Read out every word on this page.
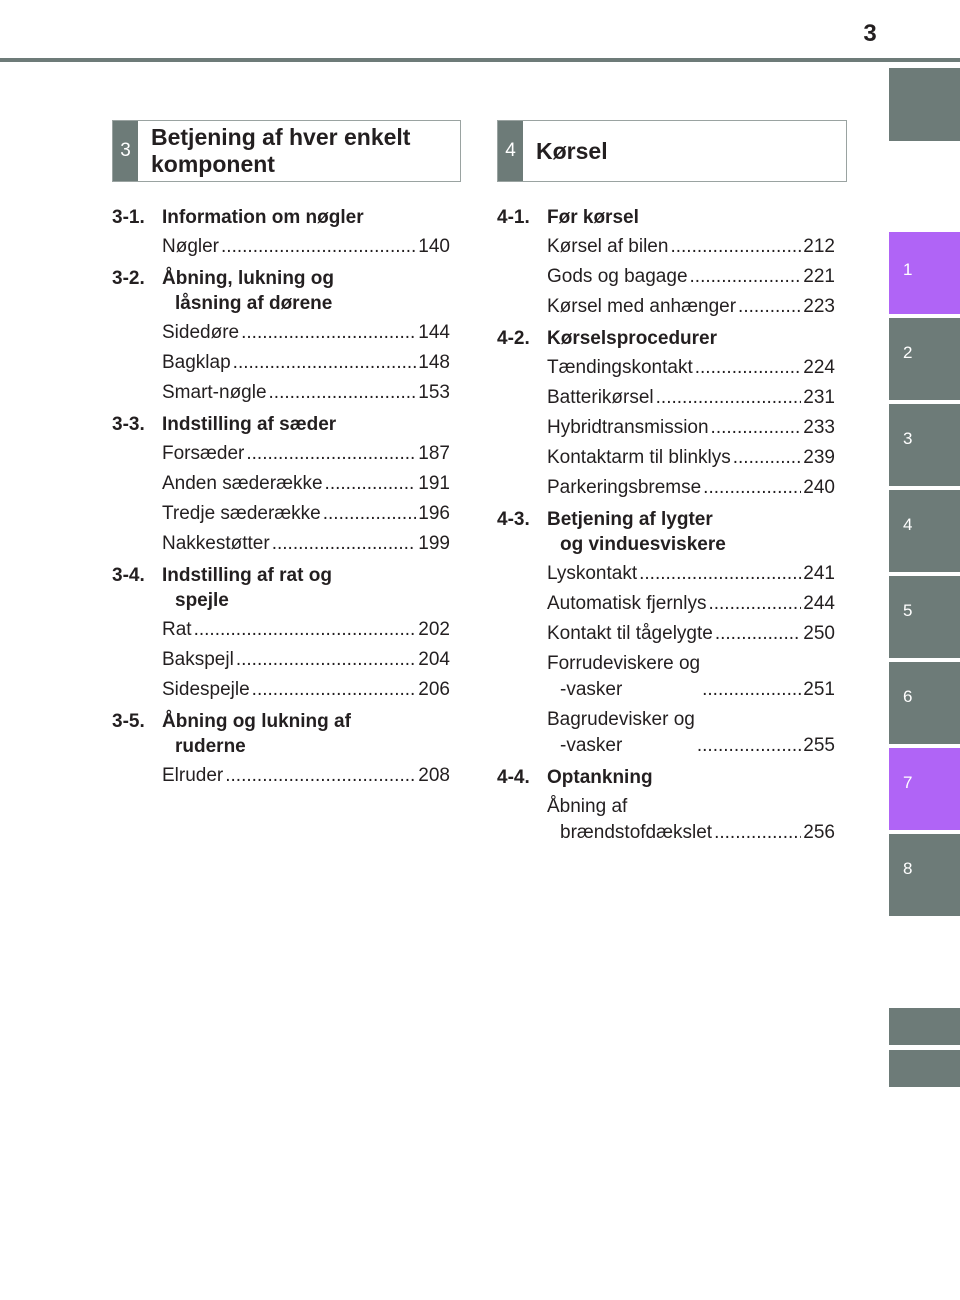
3
3
Betjening af hver enkelt
komponent
4 Kørsel
3-1. Information om nøgler
Nøgler .....	140
3-2. Åbning, lukning og
låsning af dørene
Sidedøre .....	144
Bagklap .....	148
Smart-nøgle .....	153
3-3. Indstilling af sæder
Forsæder .....	187
Anden sæderække .....	191
Tredje sæderække .....	196
Nakkestøtter .....	199
3-4. Indstilling af rat og
spejle
Rat .....	202
Bakspejl .....	204
Sidespejle .....	206
3-5. Åbning og lukning af
ruderne
Elruder .....	208
4-1. Før kørsel
Kørsel af bilen .....	212
Gods og bagage .....	221
Kørsel med anhænger .....	223
4-2. Kørselsprocedurer
Tændingskontakt .....	224
Batterikørsel .....	231
Hybridtransmission .....	233
Kontaktarm til blinklys .....	239
Parkeringsbremse .....	240
4-3. Betjening af lygter
og vinduesviskere
Lyskontakt .....	241
Automatisk fjernlys .....	244
Kontakt til tågelygte .....	250
Forrudeviskere og
-vasker .....	251
Bagrudevisker og
-vasker .....	255
4-4. Optankning
Åbning af
brændstofdækslet .....	256
1
2
3
4
5
6
7
8
